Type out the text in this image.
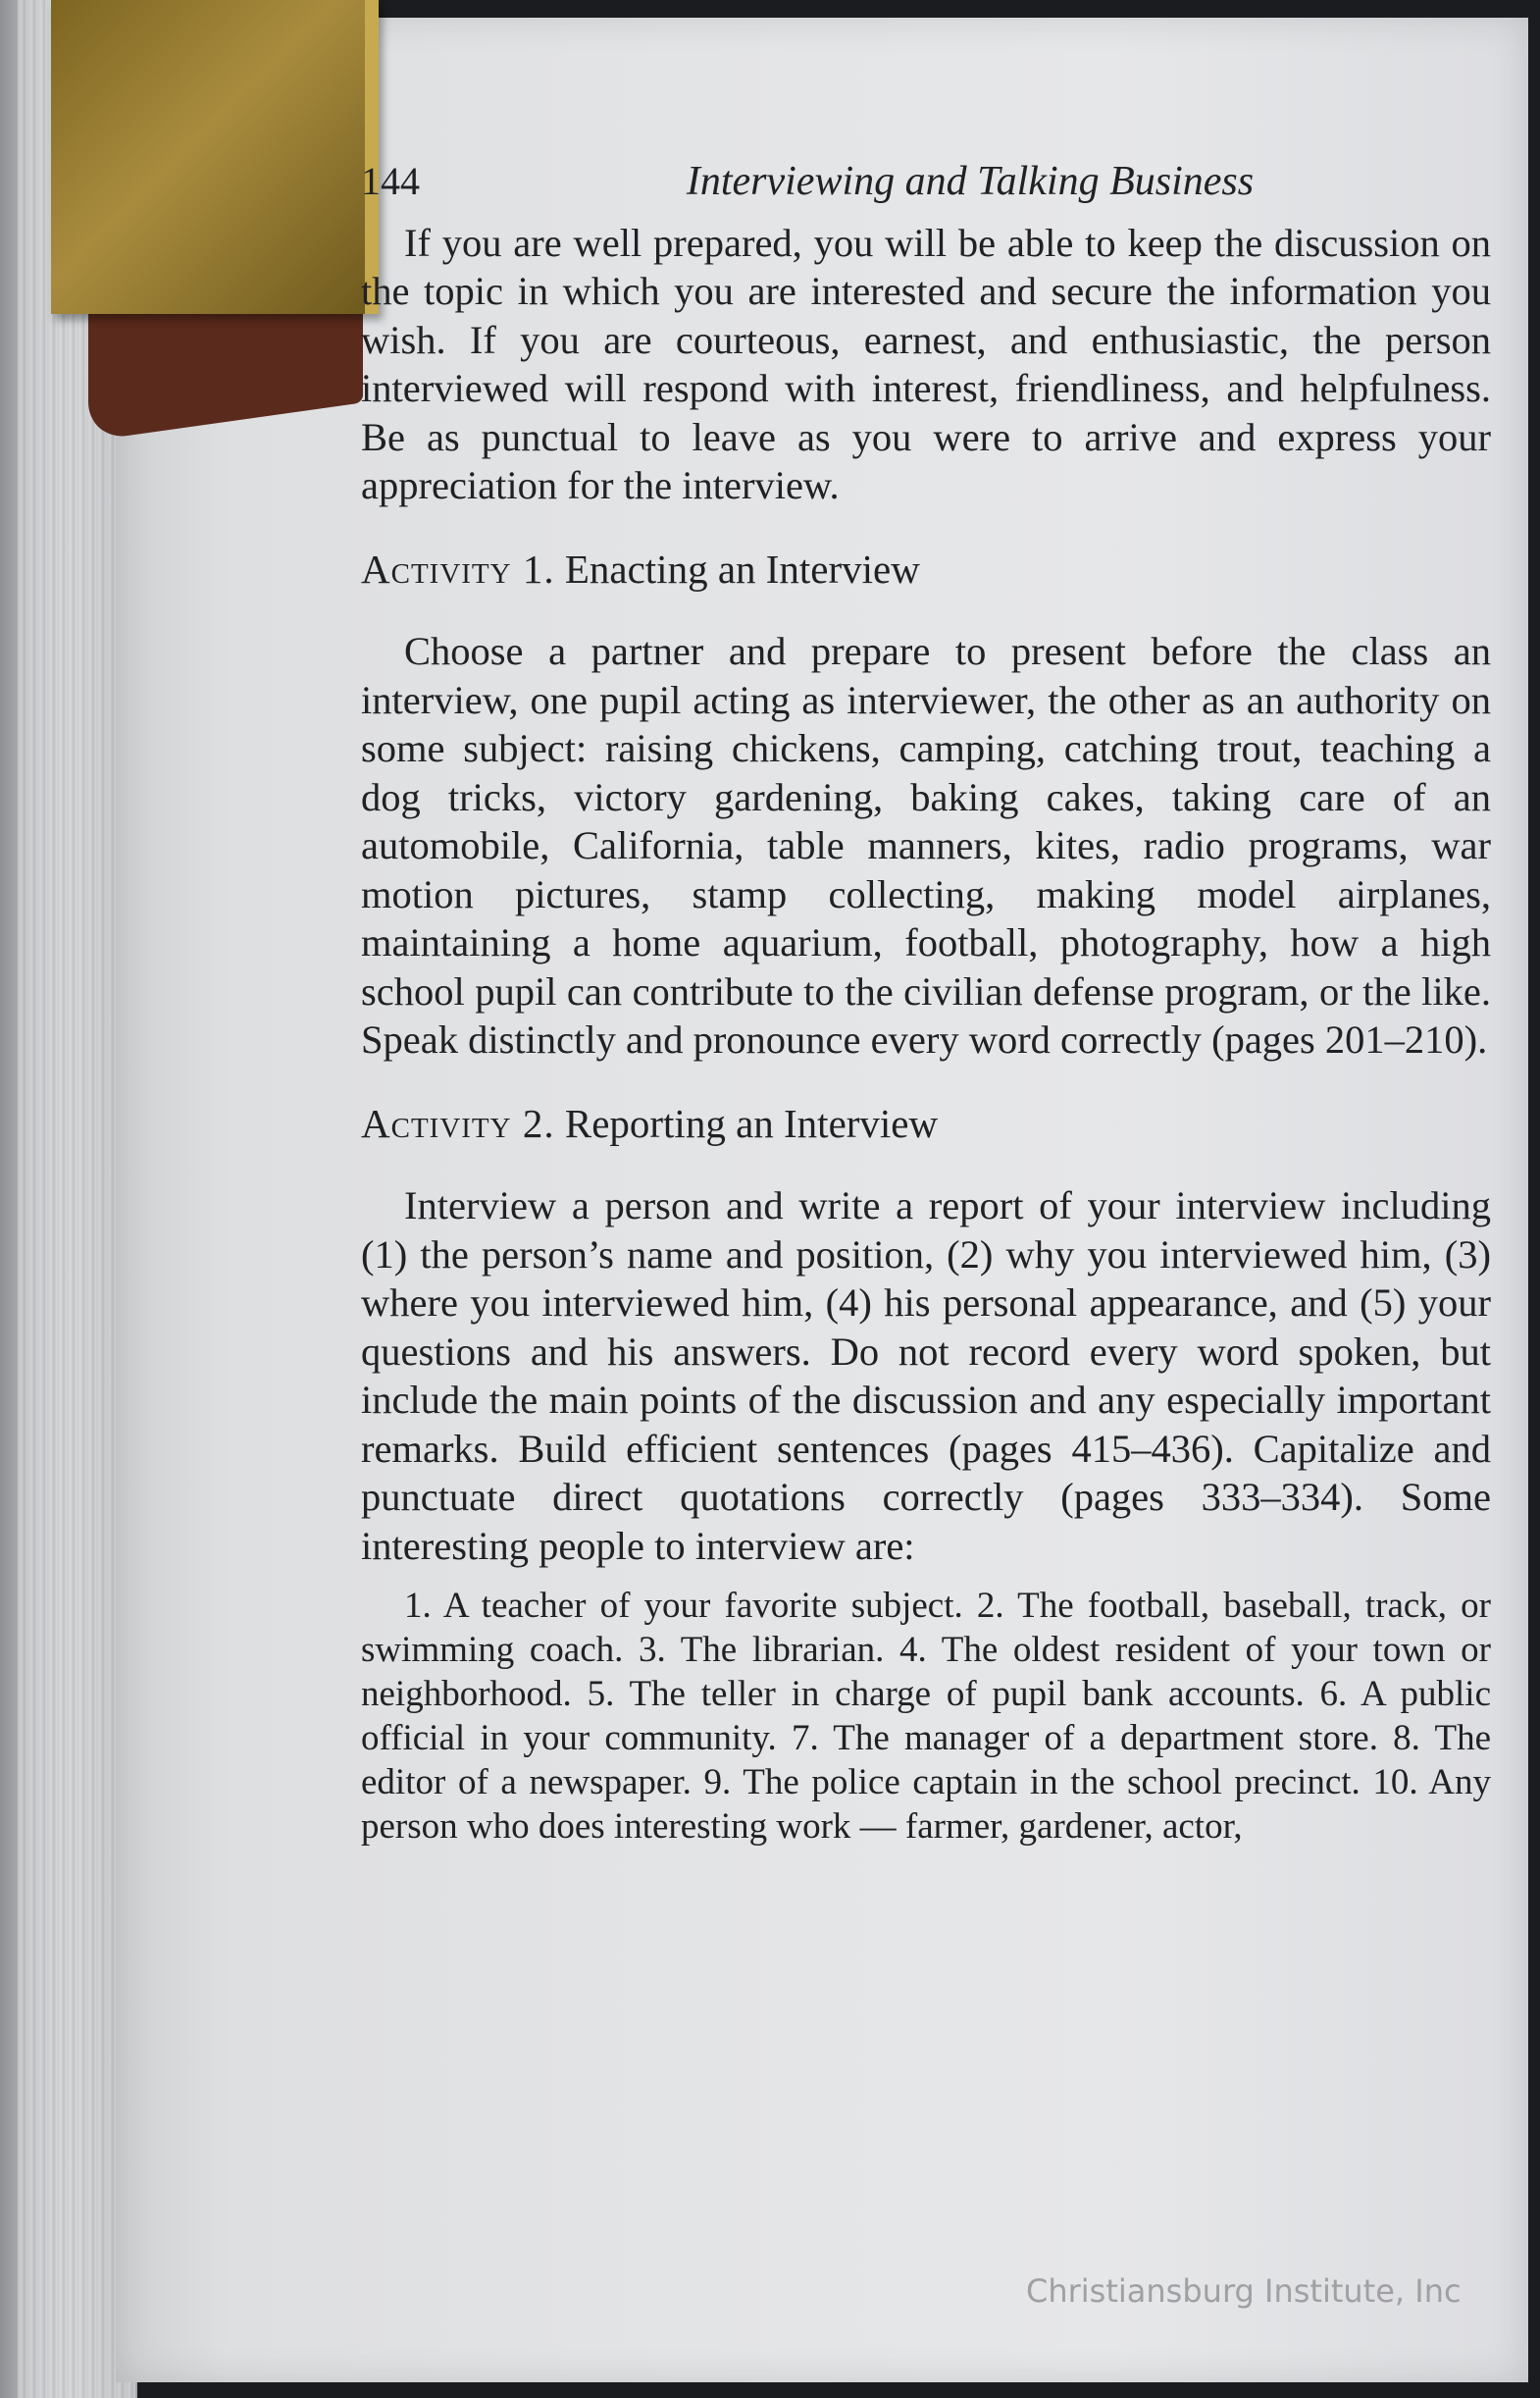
144	Interviewing and Talking Business

If you are well prepared, you will be able to keep the discussion on the topic in which you are interested and secure the information you wish. If you are courteous, earnest, and enthusiastic, the person interviewed will respond with interest, friendliness, and helpfulness. Be as punctual to leave as you were to arrive and express your appreciation for the interview.

Activity 1. Enacting an Interview

Choose a partner and prepare to present before the class an interview, one pupil acting as interviewer, the other as an authority on some subject: raising chickens, camping, catching trout, teaching a dog tricks, victory gardening, baking cakes, taking care of an automobile, California, table manners, kites, radio programs, war motion pictures, stamp collecting, making model airplanes, maintaining a home aquarium, football, photography, how a high school pupil can contribute to the civilian defense program, or the like. Speak distinctly and pronounce every word correctly (pages 201–210).

Activity 2. Reporting an Interview

Interview a person and write a report of your interview including (1) the person’s name and position, (2) why you interviewed him, (3) where you interviewed him, (4) his personal appearance, and (5) your questions and his answers. Do not record every word spoken, but include the main points of the discussion and any especially important remarks. Build efficient sentences (pages 415–436). Capitalize and punctuate direct quotations correctly (pages 333–334). Some interesting people to interview are:

1. A teacher of your favorite subject. 2. The football, baseball, track, or swimming coach. 3. The librarian. 4. The oldest resident of your town or neighborhood. 5. The teller in charge of pupil bank accounts. 6. A public official in your community. 7. The manager of a department store. 8. The editor of a newspaper. 9. The police captain in the school precinct. 10. Any person who does interesting work — farmer, gardener, actor,

Christiansburg Institute, Inc
